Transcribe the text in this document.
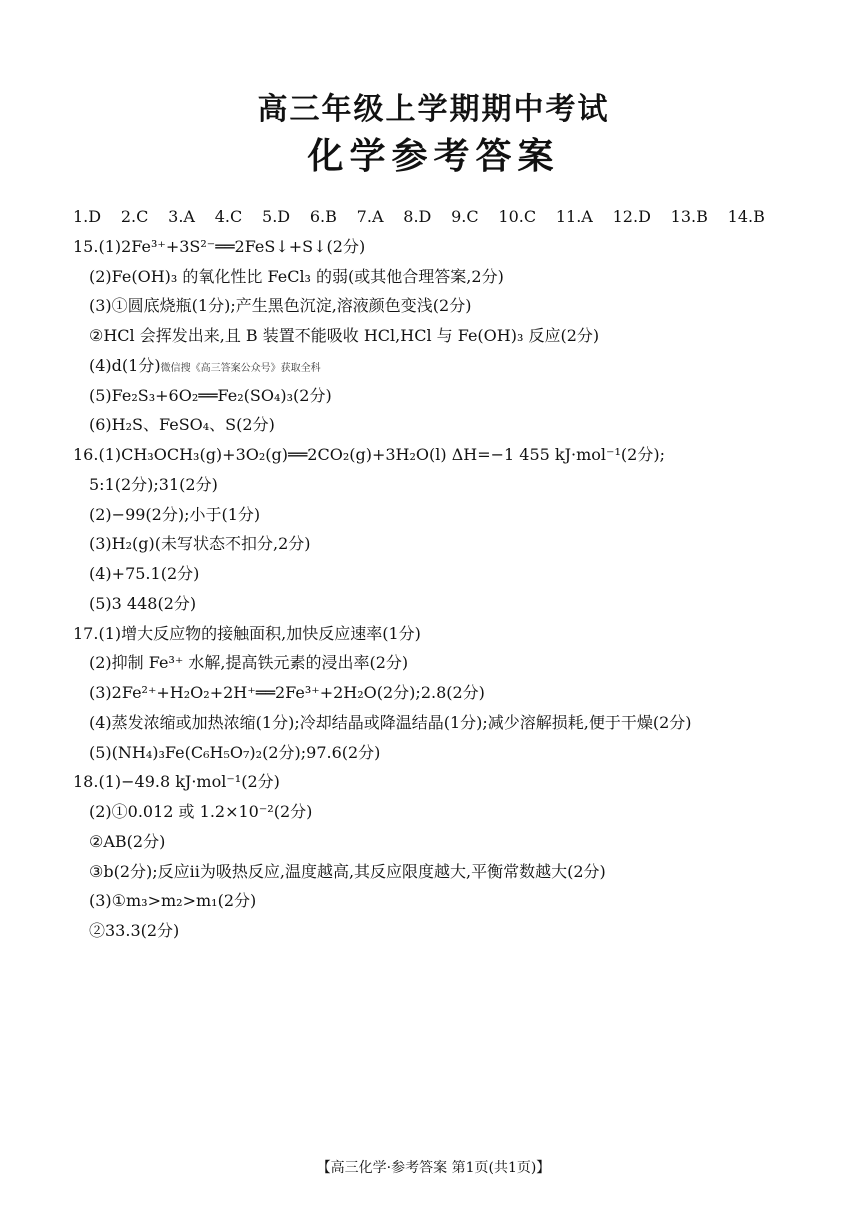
高三年级上学期期中考试
化学参考答案
1.D 2.C 3.A 4.C 5.D 6.B 7.A 8.D 9.C 10.C 11.A 12.D 13.B 14.B
15.(1)2Fe³⁺+3S²⁻══2FeS↓+S↓(2分)
(2)Fe(OH)₃ 的氧化性比 FeCl₃ 的弱(或其他合理答案,2分)
(3)①圆底烧瓶(1分);产生黑色沉淀,溶液颜色变浅(2分)
②HCl 会挥发出来,且 B 装置不能吸收 HCl,HCl 与 Fe(OH)₃ 反应(2分)
(4)d(1分)微信搜《高三答案公众号》获取全科
(5)Fe₂S₃+6O₂══Fe₂(SO₄)₃(2分)
(6)H₂S、FeSO₄、S(2分)
16.(1)CH₃OCH₃(g)+3O₂(g)══2CO₂(g)+3H₂O(l) ΔH=−1 455 kJ·mol⁻¹(2分);
5:1(2分);31(2分)
(2)−99(2分);小于(1分)
(3)H₂(g)(未写状态不扣分,2分)
(4)+75.1(2分)
(5)3 448(2分)
17.(1)增大反应物的接触面积,加快反应速率(1分)
(2)抑制 Fe³⁺ 水解,提高铁元素的浸出率(2分)
(3)2Fe²⁺+H₂O₂+2H⁺══2Fe³⁺+2H₂O(2分);2.8(2分)
(4)蒸发浓缩或加热浓缩(1分);冷却结晶或降温结晶(1分);减少溶解损耗,便于干燥(2分)
(5)(NH₄)₃Fe(C₆H₅O₇)₂(2分);97.6(2分)
18.(1)−49.8 kJ·mol⁻¹(2分)
(2)①0.012 或 1.2×10⁻²(2分)
②AB(2分)
③b(2分);反应ⅱ为吸热反应,温度越高,其反应限度越大,平衡常数越大(2分)
(3)①m₃>m₂>m₁(2分)
②33.3(2分)
【高三化学·参考答案 第1页(共1页)】
